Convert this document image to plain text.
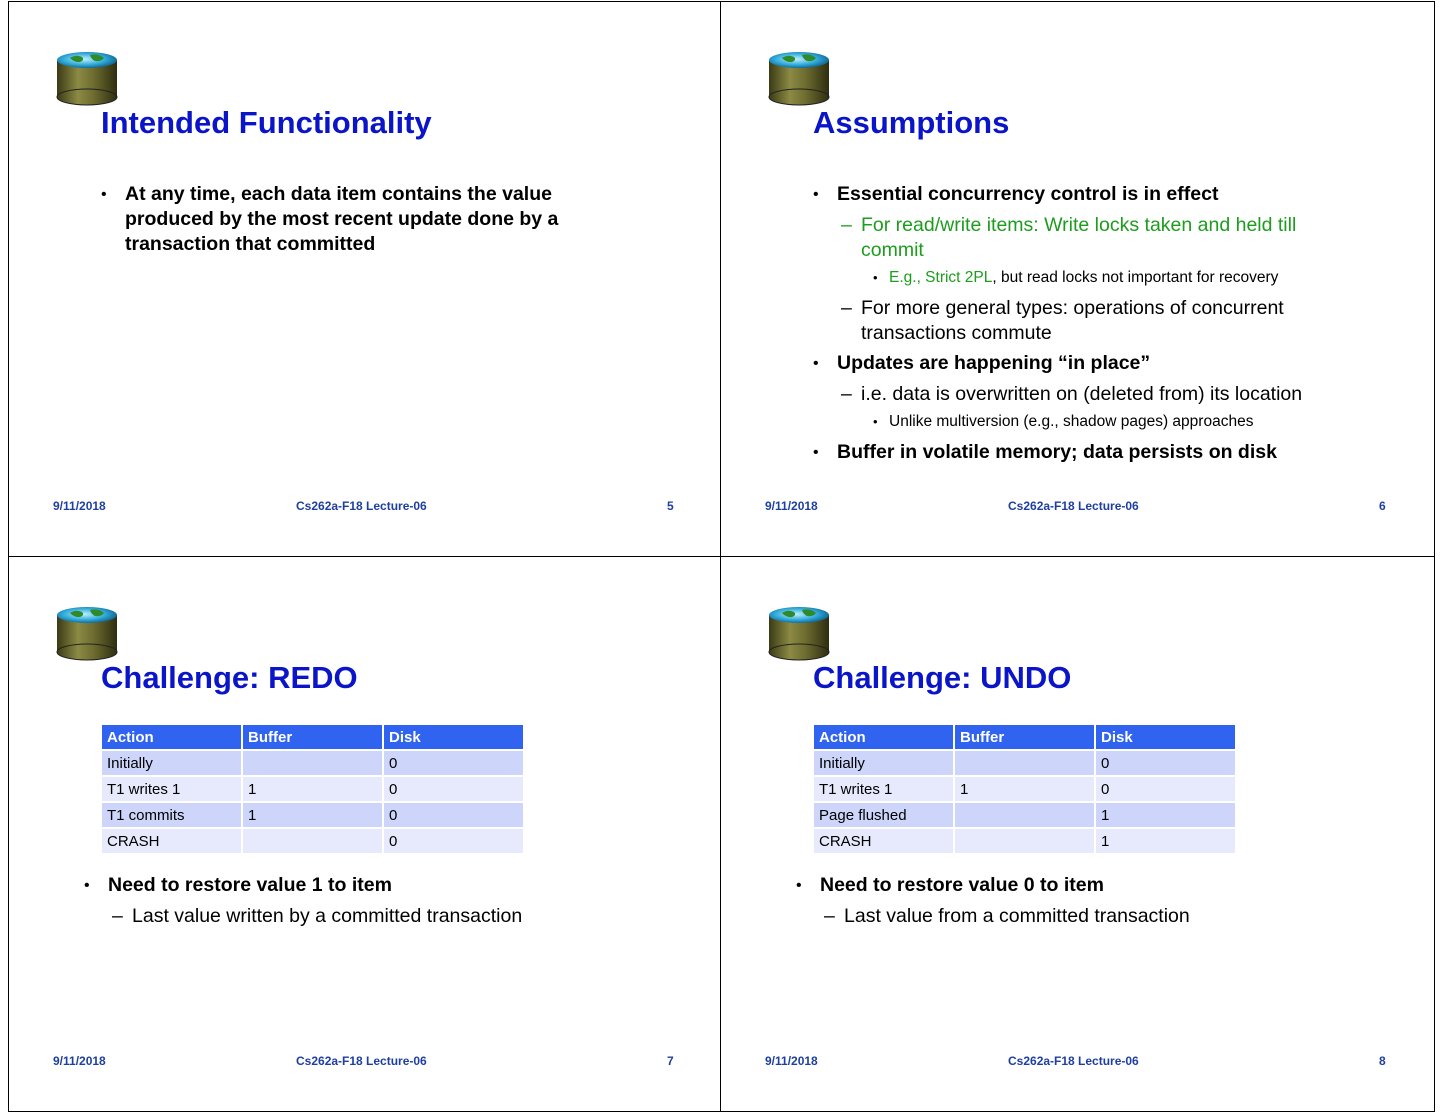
Intended Functionality
• At any time, each data item contains the value produced by the most recent update done by a transaction that committed
9/11/2018	Cs262a-F18 Lecture-06	5
Assumptions
• Essential concurrency control is in effect
– For read/write items: Write locks taken and held till commit
• E.g., Strict 2PL, but read locks not important for recovery
– For more general types: operations of concurrent transactions commute
• Updates are happening “in place”
– i.e. data is overwritten on (deleted from) its location
• Unlike multiversion (e.g., shadow pages) approaches
• Buffer in volatile memory; data persists on disk
9/11/2018	Cs262a-F18 Lecture-06	6
Challenge: REDO
Action	Buffer	Disk
Initially		0
T1 writes 1	1	0
T1 commits	1	0
CRASH		0
• Need to restore value 1 to item
– Last value written by a committed transaction
9/11/2018	Cs262a-F18 Lecture-06	7
Challenge: UNDO
Action	Buffer	Disk
Initially		0
T1 writes 1	1	0
Page flushed		1
CRASH		1
• Need to restore value 0 to item
– Last value from a committed transaction
9/11/2018	Cs262a-F18 Lecture-06	8
